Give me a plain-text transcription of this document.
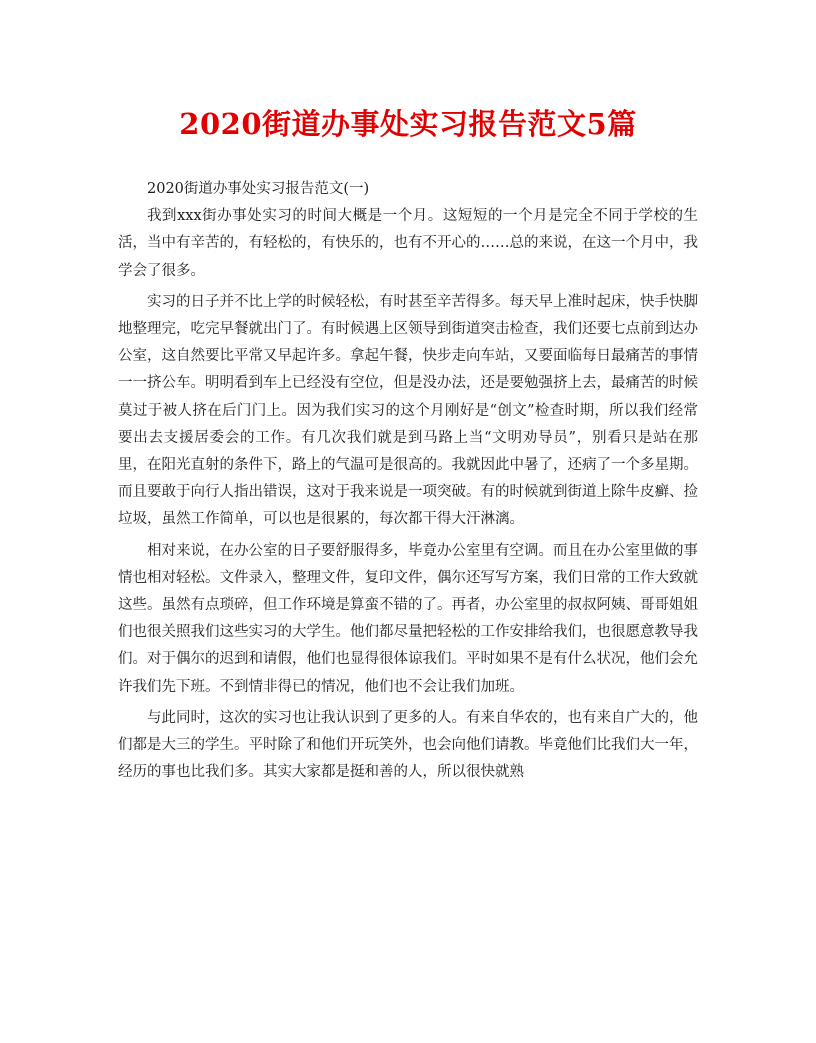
2020街道办事处实习报告范文5篇

2020街道办事处实习报告范文(一)

我到xxx街办事处实习的时间大概是一个月。这短短的一个月是完全不同于学校的生活，当中有辛苦的，有轻松的，有快乐的，也有不开心的……总的来说，在这一个月中，我学会了很多。

实习的日子并不比上学的时候轻松，有时甚至辛苦得多。每天早上准时起床，快手快脚地整理完，吃完早餐就出门了。有时候遇上区领导到街道突击检查，我们还要七点前到达办公室，这自然要比平常又早起许多。拿起午餐，快步走向车站，又要面临每日最痛苦的事情一一挤公车。明明看到车上已经没有空位，但是没办法，还是要勉强挤上去，最痛苦的时候莫过于被人挤在后门门上。因为我们实习的这个月刚好是“创文”检查时期，所以我们经常要出去支援居委会的工作。有几次我们就是到马路上当“文明劝导员”，别看只是站在那里，在阳光直射的条件下，路上的气温可是很高的。我就因此中暑了，还病了一个多星期。而且要敢于向行人指出错误，这对于我来说是一项突破。有的时候就到街道上除牛皮癣、捡垃圾，虽然工作简单，可以也是很累的，每次都干得大汗淋漓。

相对来说，在办公室的日子要舒服得多，毕竟办公室里有空调。而且在办公室里做的事情也相对轻松。文件录入，整理文件，复印文件，偶尔还写写方案，我们日常的工作大致就这些。虽然有点琐碎，但工作环境是算蛮不错的了。再者，办公室里的叔叔阿姨、哥哥姐姐们也很关照我们这些实习的大学生。他们都尽量把轻松的工作安排给我们，也很愿意教导我们。对于偶尔的迟到和请假，他们也显得很体谅我们。平时如果不是有什么状况，他们会允许我们先下班。不到情非得已的情况，他们也不会让我们加班。

与此同时，这次的实习也让我认识到了更多的人。有来自华农的，也有来自广大的，他们都是大三的学生。平时除了和他们开玩笑外，也会向他们请教。毕竟他们比我们大一年，经历的事也比我们多。其实大家都是挺和善的人，所以很快就熟
